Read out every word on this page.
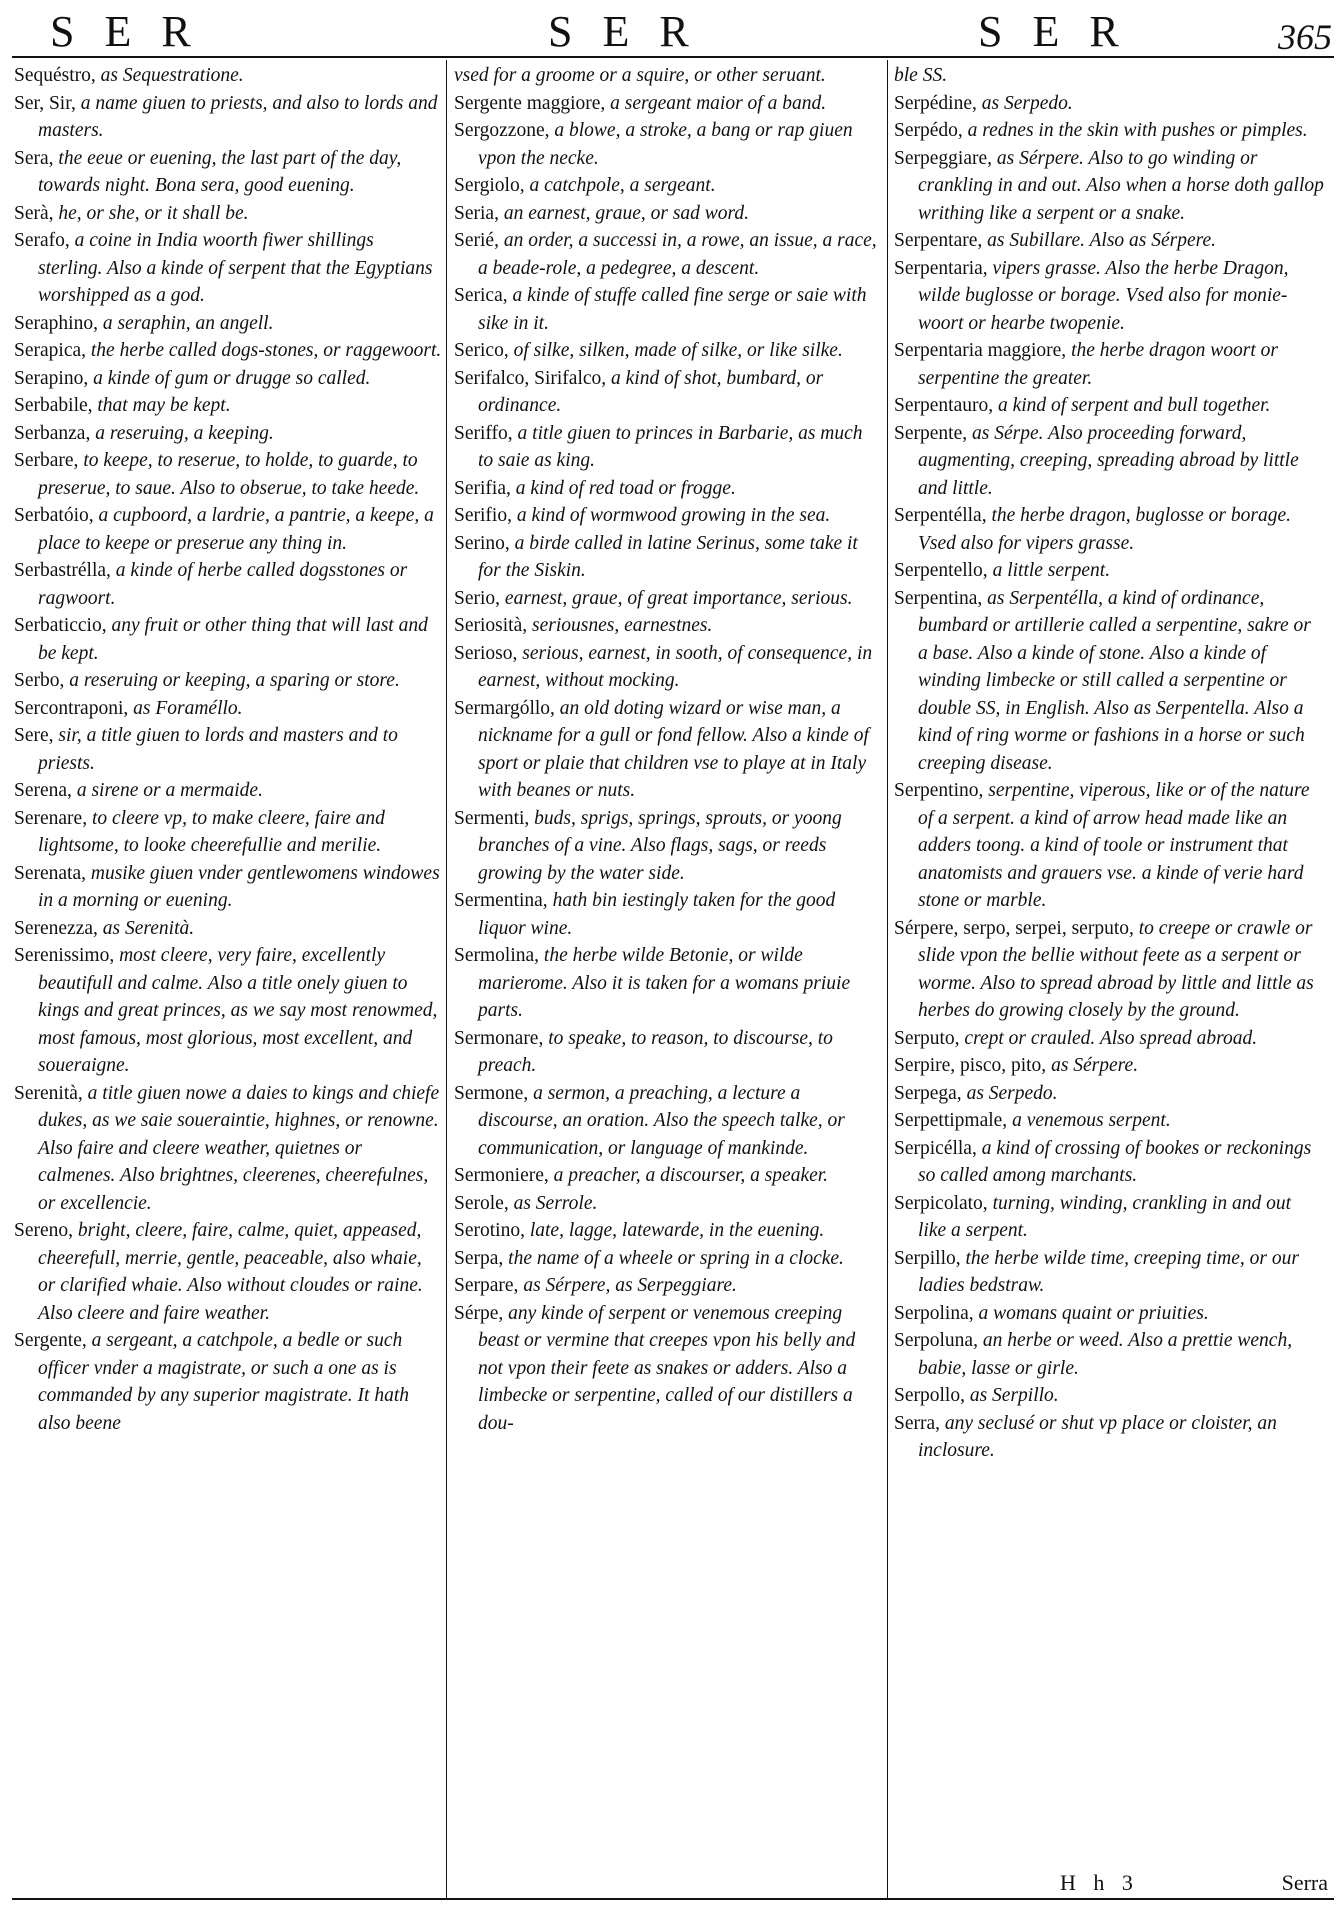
SER	SER	SER	365

Sequéstro, as Sequestratione.

Ser, Sir, a name giuen to priests, and also to lords and masters.

Sera, the eeue or euening, the last part of the day, towards night. Bona sera, good euening.

Serà, he, or she, or it shall be.

Serafo, a coine in India woorth fiwer shillings sterling. Also a kinde of serpent that the Egyptians worshipped as a god.

Seraphino, a seraphin, an angell.

Serapica, the herbe called dogs-stones, or raggewoort.

Serapino, a kinde of gum or drugge so called.

Serbabile, that may be kept.

Serbanza, a reseruing, a keeping.

Serbare, to keepe, to reserue, to holde, to guarde, to preserue, to saue. Also to obserue, to take heede.

Serbatóio, a cupboord, a lardrie, a pantrie, a keepe, a place to keepe or preserue any thing in.

Serbastrélla, a kinde of herbe called dogsstones or ragwoort.

Serbaticcio, any fruit or other thing that will last and be kept.

Serbo, a reseruing or keeping, a sparing or store.

Sercontraponi, as Foraméllo.

Sere, sir, a title giuen to lords and masters and to priests.

Serena, a sirene or a mermaide.

Serenare, to cleere vp, to make cleere, faire and lightsome, to looke cheerefullie and merilie.

Serenata, musike giuen vnder gentlewomens windowes in a morning or euening.

Serenezza, as Serenità.

Serenissimo, most cleere, very faire, excellently beautifull and calme. Also a title onely giuen to kings and great princes, as we say most renowmed, most famous, most glorious, most excellent, and soueraigne.

Serenità, a title giuen nowe a daies to kings and chiefe dukes, as we saie soueraintie, highnes, or renowne. Also faire and cleere weather, quietnes or calmenes. Also brightnes, cleerenes, cheerefulnes, or excellencie.

Sereno, bright, cleere, faire, calme, quiet, appeased, cheerefull, merrie, gentle, peaceable, also whaie, or clarified whaie. Also without cloudes or raine. Also cleere and faire weather.

Sergente, a sergeant, a catchpole, a bedle or such officer vnder a magistrate, or such a one as is commanded by any superior magistrate. It hath also beene

vsed for a groome or a squire, or other seruant.

Sergente maggiore, a sergeant maior of a band.

Sergozzone, a blowe, a stroke, a bang or rap giuen vpon the necke.

Sergiolo, a catchpole, a sergeant.

Seria, an earnest, graue, or sad word.

Serié, an order, a successi in, a rowe, an issue, a race, a beade-role, a pedegree, a descent.

Serica, a kinde of stuffe called fine serge or saie with sike in it.

Serico, of silke, silken, made of silke, or like silke.

Serifalco, Sirifalco, a kind of shot, bumbard, or ordinance.

Seriffo, a title giuen to princes in Barbarie, as much to saie as king.

Serifia, a kind of red toad or frogge.

Serifio, a kind of wormwood growing in the sea.

Serino, a birde called in latine Serinus, some take it for the Siskin.

Serio, earnest, graue, of great importance, serious.

Seriosità, seriousnes, earnestnes.

Serioso, serious, earnest, in sooth, of consequence, in earnest, without mocking.

Sermargóllo, an old doting wizard or wise man, a nickname for a gull or fond fellow. Also a kinde of sport or plaie that children vse to playe at in Italy with beanes or nuts.

Sermenti, buds, sprigs, springs, sprouts, or yoong branches of a vine. Also flags, sags, or reeds growing by the water side.

Sermentina, hath bin iestingly taken for the good liquor wine.

Sermolina, the herbe wilde Betonie, or wilde marierome. Also it is taken for a womans priuie parts.

Sermonare, to speake, to reason, to discourse, to preach.

Sermone, a sermon, a preaching, a lecture a discourse, an oration. Also the speech talke, or communication, or language of mankinde.

Sermoniere, a preacher, a discourser, a speaker.

Serole, as Serrole.

Serotino, late, lagge, latewarde, in the euening.

Serpa, the name of a wheele or spring in a clocke.

Serpare, as Sérpere, as Serpeggiare.

Sérpe, any kinde of serpent or venemous creeping beast or vermine that creepes vpon his belly and not vpon their feete as snakes or adders. Also a limbecke or serpentine, called of our distillers a dou-

ble SS.

Serpédine, as Serpedo.

Serpédo, a rednes in the skin with pushes or pimples.

Serpeggiare, as Sérpere. Also to go winding or crankling in and out. Also when a horse doth gallop writhing like a serpent or a snake.

Serpentare, as Subillare. Also as Sérpere.

Serpentaria, vipers grasse. Also the herbe Dragon, wilde buglosse or borage. Vsed also for monie-woort or hearbe twopenie.

Serpentaria maggiore, the herbe dragon woort or serpentine the greater.

Serpentauro, a kind of serpent and bull together.

Serpente, as Sérpe. Also proceeding forward, augmenting, creeping, spreading abroad by little and little.

Serpentélla, the herbe dragon, buglosse or borage. Vsed also for vipers grasse.

Serpentello, a little serpent.

Serpentina, as Serpentélla, a kind of ordinance, bumbard or artillerie called a serpentine, sakre or a base. Also a kinde of stone. Also a kinde of winding limbecke or still called a serpentine or double SS, in English. Also as Serpentella. Also a kind of ring worme or fashions in a horse or such creeping disease.

Serpentino, serpentine, viperous, like or of the nature of a serpent. a kind of arrow head made like an adders toong. a kind of toole or instrument that anatomists and grauers vse. a kinde of verie hard stone or marble.

Sérpere, serpo, serpei, serputo, to creepe or crawle or slide vpon the bellie without feete as a serpent or worme. Also to spread abroad by little and little as herbes do growing closely by the ground.

Serputo, crept or crauled. Also spread abroad.

Serpire, pisco, pito, as Sérpere.

Serpega, as Serpedo.

Serpettipmale, a venemous serpent.

Serpicélla, a kind of crossing of bookes or reckonings so called among marchants.

Serpicolato, turning, winding, crankling in and out like a serpent.

Serpillo, the herbe wilde time, creeping time, or our ladies bedstraw.

Serpolina, a womans quaint or priuities.

Serpoluna, an herbe or weed. Also a prettie wench, babie, lasse or girle.

Serpollo, as Serpillo.

Serra, any seclusé or shut vp place or cloister, an inclosure.

H h 3	Serra
